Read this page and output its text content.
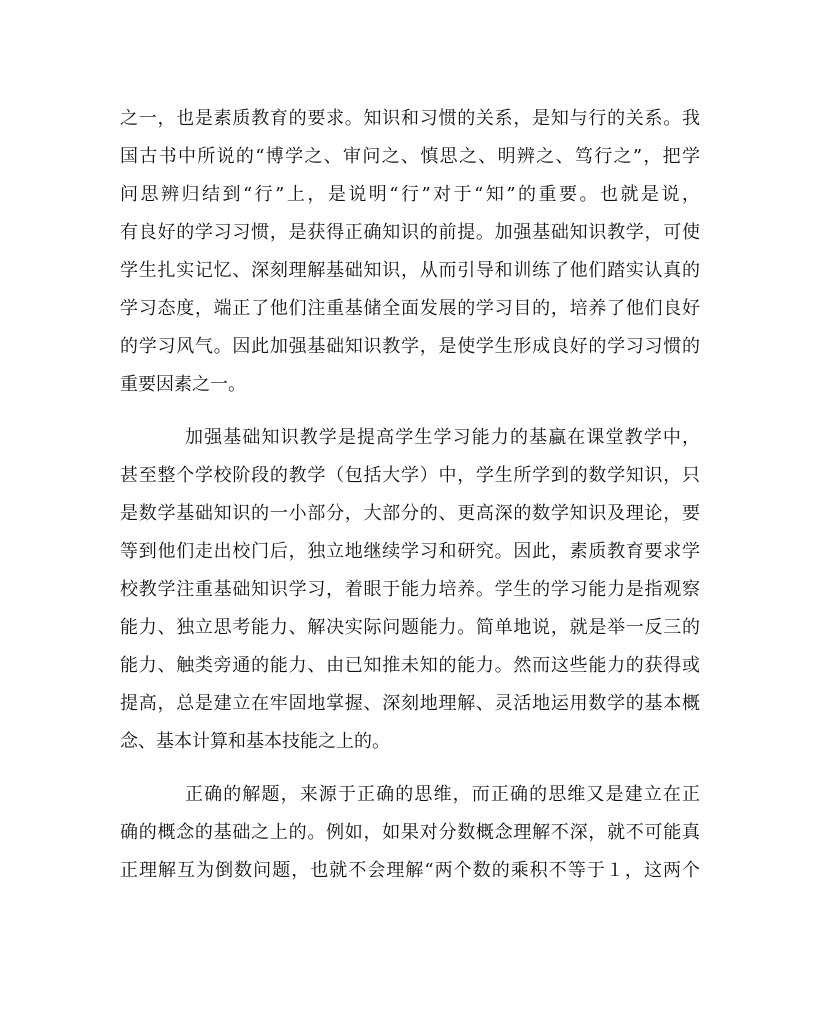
之一，也是素质教育的要求。知识和习惯的关系，是知与行的关系。我
国古书中所说的“博学之、审问之、慎思之、明辨之、笃行之”，把学
问思辨归结到“行”上，是说明“行”对于“知”的重要。也就是说，
有良好的学习习惯，是获得正确知识的前提。加强基础知识教学，可使
学生扎实记忆、深刻理解基础知识，从而引导和训练了他们踏实认真的
学习态度，端正了他们注重基储全面发展的学习目的，培养了他们良好
的学习风气。因此加强基础知识教学，是使学生形成良好的学习习惯的
重要因素之一。
加强基础知识教学是提高学生学习能力的基蠃在课堂教学中，
甚至整个学校阶段的教学（包括大学）中，学生所学到的数学知识，只
是数学基础知识的一小部分，大部分的、更高深的数学知识及理论，要
等到他们走出校门后，独立地继续学习和研究。因此，素质教育要求学
校教学注重基础知识学习，着眼于能力培养。学生的学习能力是指观察
能力、独立思考能力、解决实际问题能力。简单地说，就是举一反三的
能力、触类旁通的能力、由已知推未知的能力。然而这些能力的获得或
提高，总是建立在牢固地掌握、深刻地理解、灵活地运用数学的基本概
念、基本计算和基本技能之上的。
正确的解题，来源于正确的思维，而正确的思维又是建立在正
确的概念的基础之上的。例如，如果对分数概念理解不深，就不可能真
正理解互为倒数问题，也就不会理解“两个数的乘积不等于１，这两个
